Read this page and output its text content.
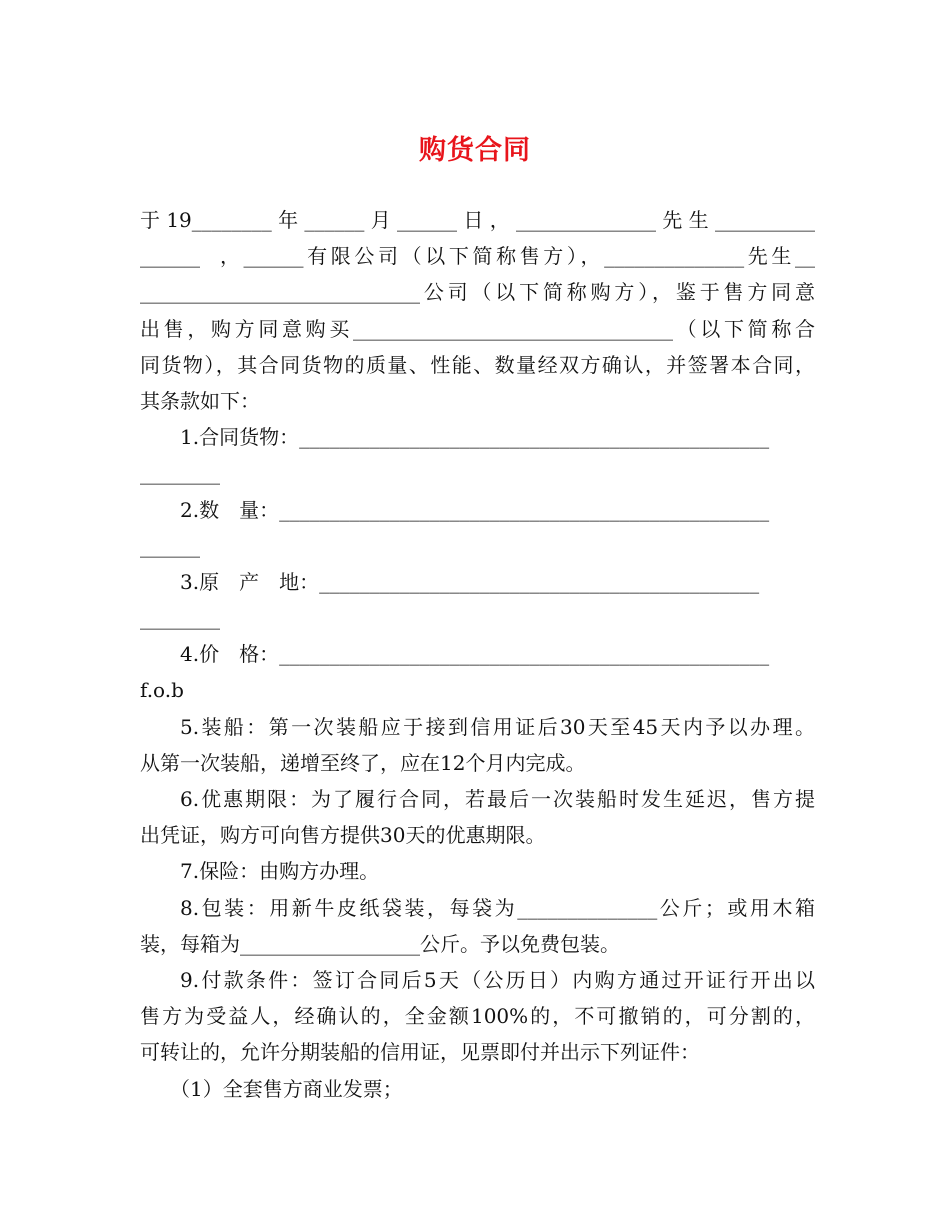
购货合同
于19________年______月______日，______________先生__________
______  ，______有限公司（以下简称售方），______________先生__
____________________________公司（以下简称购方），鉴于售方同意
出售，购方同意购买________________________________（以下简称合
同货物），其合同货物的质量、性能、数量经双方确认，并签署本合同，
其条款如下：
1.合同货物：_______________________________________________
________
2.数　量：_________________________________________________
______
3.原　产　地：____________________________________________
________
4.价　格：_________________________________________________
f.o.b
5.装船：第一次装船应于接到信用证后30天至45天内予以办理。
从第一次装船，递增至终了，应在12个月内完成。
6.优惠期限：为了履行合同，若最后一次装船时发生延迟，售方提
出凭证，购方可向售方提供30天的优惠期限。
7.保险：由购方办理。
8.包装：用新牛皮纸袋装，每袋为______________公斤；或用木箱
装，每箱为__________________公斤。予以免费包装。
9.付款条件：签订合同后5天（公历日）内购方通过开证行开出以
售方为受益人，经确认的，全金额100%的，不可撤销的，可分割的，
可转让的，允许分期装船的信用证，见票即付并出示下列证件：
（1）全套售方商业发票；
